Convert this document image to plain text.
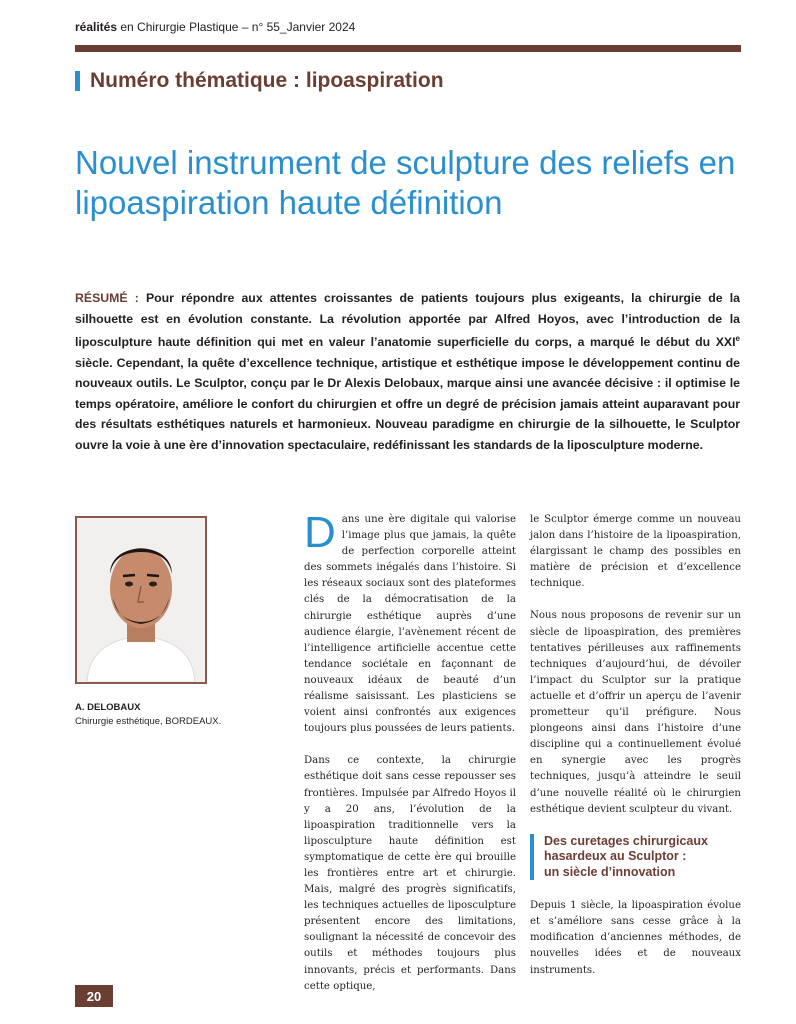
réalités en Chirurgie Plastique – n° 55_Janvier 2024
Numéro thématique : lipoaspiration
Nouvel instrument de sculpture des reliefs en lipoaspiration haute définition
RÉSUMÉ : Pour répondre aux attentes croissantes de patients toujours plus exigeants, la chirurgie de la silhouette est en évolution constante. La révolution apportée par Alfred Hoyos, avec l’introduction de la liposculpture haute définition qui met en valeur l’anatomie superficielle du corps, a marqué le début du XXIe siècle. Cependant, la quête d’excellence technique, artistique et esthétique impose le développement continu de nouveaux outils. Le Sculptor, conçu par le Dr Alexis Delobaux, marque ainsi une avancée décisive : il optimise le temps opératoire, améliore le confort du chirurgien et offre un degré de précision jamais atteint auparavant pour des résultats esthétiques naturels et harmonieux. Nouveau paradigme en chirurgie de la silhouette, le Sculptor ouvre la voie à une ère d’innovation spectaculaire, redéfinissant les standards de la liposculpture moderne.
A. DELOBAUX
Chirurgie esthétique, BORDEAUX.

Dans une ère digitale qui valorise l’image plus que jamais, la quête de perfection corporelle atteint des sommets inégalés dans l’histoire. Si les réseaux sociaux sont des plateformes clés de la démocratisation de la chirurgie esthétique auprès d’une audience élargie, l’avènement récent de l’intelligence artificielle accentue cette tendance sociétale en façonnant de nouveaux idéaux de beauté d’un réalisme saisissant. Les plasticiens se voient ainsi confrontés aux exigences toujours plus poussées de leurs patients.

Dans ce contexte, la chirurgie esthétique doit sans cesse repousser ses frontières. Impulsée par Alfredo Hoyos il y a 20 ans, l’évolution de la lipoaspiration traditionnelle vers la liposculpture haute définition est symptomatique de cette ère qui brouille les frontières entre art et chirurgie. Mais, malgré des progrès significatifs, les techniques actuelles de liposculpture présentent encore des limitations, soulignant la nécessité de concevoir des outils et méthodes toujours plus innovants, précis et performants. Dans cette optique,

le Sculptor émerge comme un nouveau jalon dans l’histoire de la lipoaspiration, élargissant le champ des possibles en matière de précision et d’excellence technique.

Nous nous proposons de revenir sur un siècle de lipoaspiration, des premières tentatives périlleuses aux raffinements techniques d’aujourd’hui, de dévoiler l’impact du Sculptor sur la pratique actuelle et d’offrir un aperçu de l’avenir prometteur qu’il préfigure. Nous plongeons ainsi dans l’histoire d’une discipline qui a continuellement évolué en synergie avec les progrès techniques, jusqu’à atteindre le seuil d’une nouvelle réalité où le chirurgien esthétique devient sculpteur du vivant.

Des curetages chirurgicaux
hasardeux au Sculptor :
un siècle d’innovation

Depuis 1 siècle, la lipoaspiration évolue et s’améliore sans cesse grâce à la modification d’anciennes méthodes, de nouvelles idées et de nouveaux instruments.

20
